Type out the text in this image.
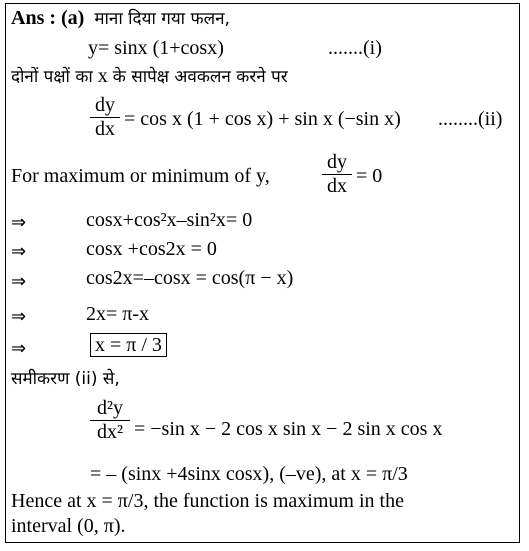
Ans : (a) माना दिया गया फलन,
y= sinx (1+cosx)	.......(i)
दोनों पक्षों का x के सापेक्ष अवकलन करने पर
dy
dx = cos x (1 + cos x) + sin x (−sin x) ........(ii)
For maximum or minimum of y,
dy
dx = 0
⇒	cosx+cos²x–sin²x= 0
⇒	cosx +cos2x = 0
⇒	cos2x=–cosx = cos(π − x)
⇒	2x= π-x
⇒	x = π / 3
समीकरण (ii) से,
d²y
dx² = −sin x − 2 cos x sin x − 2 sin x cos x
= – (sinx +4sinx cosx), (–ve), at x = π/3
Hence at x = π/3, the function is maximum in the
interval (0, π).
